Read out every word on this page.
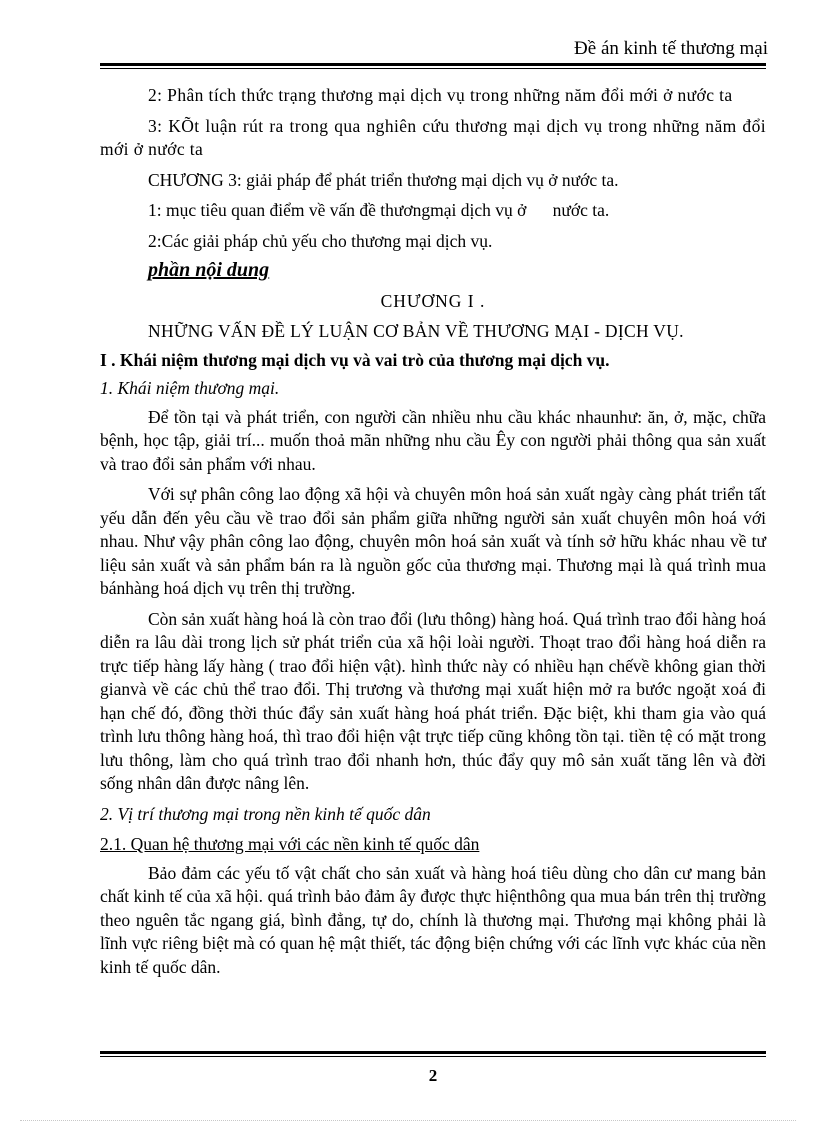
Đề án kinh tế thương mại

2: Phân tích thức trạng thương mại dịch vụ trong những năm đổi mới ở nước ta

3: KÕt luận rút ra trong qua nghiên cứu thương mại dịch vụ trong những năm đổi mới ở nước ta

CHƯƠNG 3: giải pháp để phát triển thương mại dịch vụ ở nước ta.

1: mục tiêu quan điểm về vấn đề thươngmại dịch vụ ở      nước ta.

2:Các giải pháp chủ yếu cho thương mại dịch vụ.

phần nội dung

CHƯƠNG I .

NHỮNG VẤN ĐỀ LÝ LUẬN CƠ BẢN VỀ THƯƠNG MẠI - DỊCH VỤ.

I . Khái niệm thương mại dịch vụ và vai trò của thương mại dịch vụ.

1. Khái niệm thương mại.

Để tồn tại và phát triển, con người cần nhiều nhu cầu khác nhaunhư: ăn, ở, mặc, chữa bệnh, học tập, giải trí... muốn thoả mãn những nhu cầu Êy con người phải thông qua sản xuất và trao đổi sản phẩm với nhau.

Với sự phân công lao động xã hội và chuyên môn hoá sản xuất ngày càng phát triển tất yếu dẫn đến yêu cầu về trao đổi sản phẩm giữa những người sản xuất chuyên môn hoá với nhau. Như vậy phân công lao động, chuyên môn hoá sản xuất và tính sở hữu khác nhau về tư liệu sản xuất và sản phẩm bán ra là nguồn gốc của thương mại. Thương mại là quá trình mua bánhàng hoá dịch vụ trên thị trường.

Còn sản xuất hàng hoá là còn trao đổi (lưu thông) hàng hoá. Quá trình trao đổi hàng hoá diễn ra lâu dài trong lịch sử phát triển của xã hội loài người. Thoạt trao đổi hàng hoá diễn ra trực tiếp hàng lấy hàng ( trao đổi hiện vật). hình thức này có nhiều hạn chếvề không gian thời gianvà về các chủ thể trao đổi. Thị trương và thương mại xuất hiện mở ra bước ngoặt xoá đi hạn chế đó, đồng thời thúc đẩy sản xuất hàng hoá phát triển. Đặc biệt, khi tham gia vào quá trình lưu thông hàng hoá, thì trao đổi hiện vật trực tiếp cũng không tồn tại. tiền tệ có mặt trong lưu thông, làm cho quá trình trao đổi nhanh hơn, thúc đẩy quy mô sản xuất tăng lên và đời sống nhân dân được nâng lên.

2. Vị trí thương mại trong nền kinh tế quốc dân

2.1. Quan hệ thương mại với các nền kinh tế quốc dân

Bảo đảm các yếu tố vật chất cho sản xuất và hàng hoá tiêu dùng cho dân cư mang bản chất kinh tế của xã hội. quá trình bảo đảm ây được thực hiệnthông qua mua bán trên thị trường theo nguên tắc ngang giá, bình đẳng, tự do, chính là thương mại. Thương mại không phải là lĩnh vực riêng biệt mà có quan hệ mật thiết, tác động biện chứng với các lĩnh vực khác của nền kinh tế quốc dân.

2
